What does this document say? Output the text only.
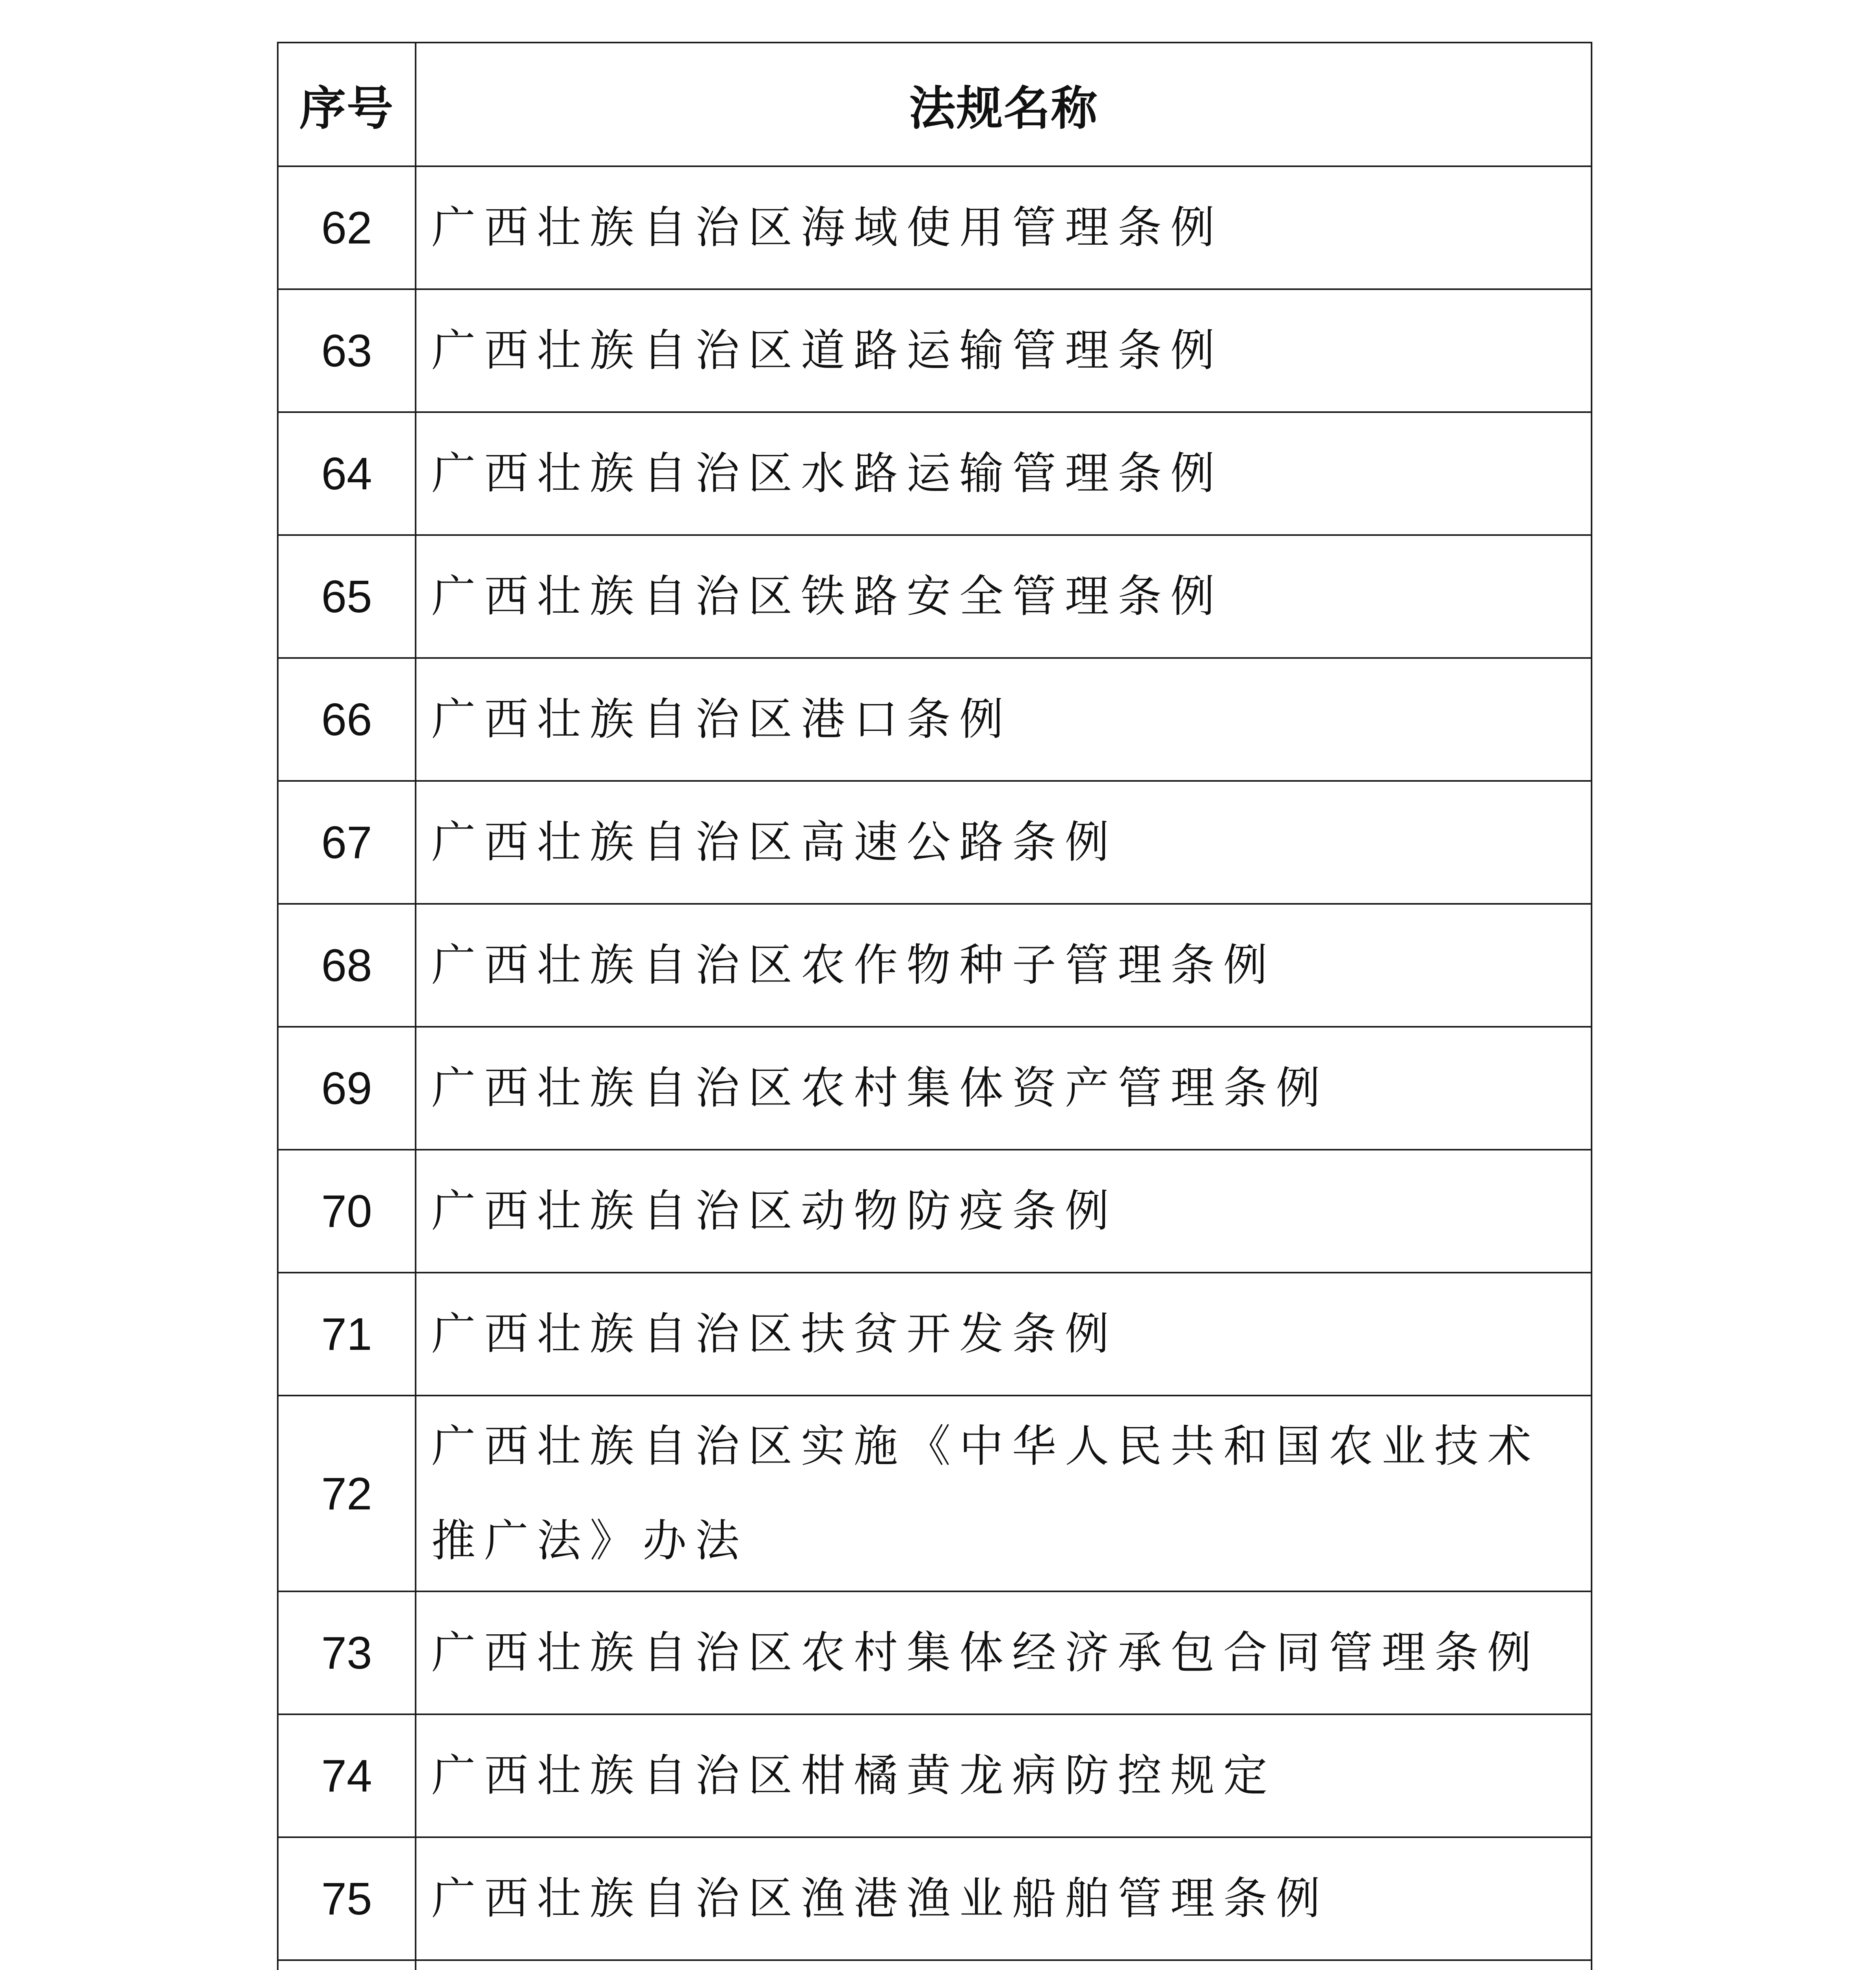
序号	法规名称
62	广西壮族自治区海域使用管理条例
63	广西壮族自治区道路运输管理条例
64	广西壮族自治区水路运输管理条例
65	广西壮族自治区铁路安全管理条例
66	广西壮族自治区港口条例
67	广西壮族自治区高速公路条例
68	广西壮族自治区农作物种子管理条例
69	广西壮族自治区农村集体资产管理条例
70	广西壮族自治区动物防疫条例
71	广西壮族自治区扶贫开发条例
72	广西壮族自治区实施《中华人民共和国农业技术推广法》办法
73	广西壮族自治区农村集体经济承包合同管理条例
74	广西壮族自治区柑橘黄龙病防控规定
75	广西壮族自治区渔港渔业船舶管理条例
